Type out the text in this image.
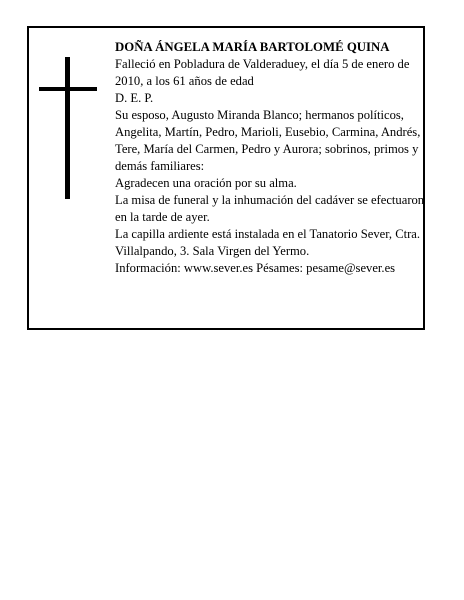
DOÑA ÁNGELA MARÍA BARTOLOMÉ QUINA

Falleció en Pobladura de Valderaduey, el día 5 de enero de 2010, a los 61 años de edad

D. E. P.

Su esposo, Augusto Miranda Blanco; hermanos políticos, Angelita, Martín, Pedro, Marioli, Eusebio, Carmina, Andrés, Tere, María del Carmen, Pedro y Aurora; sobrinos, primos y demás familiares:

Agradecen una oración por su alma.

La misa de funeral y la inhumación del cadáver se efectuaron en la tarde de ayer.

La capilla ardiente está instalada en el Tanatorio Sever, Ctra. Villalpando, 3. Sala Virgen del Yermo.

Información: www.sever.es Pésames: pesame@sever.es
